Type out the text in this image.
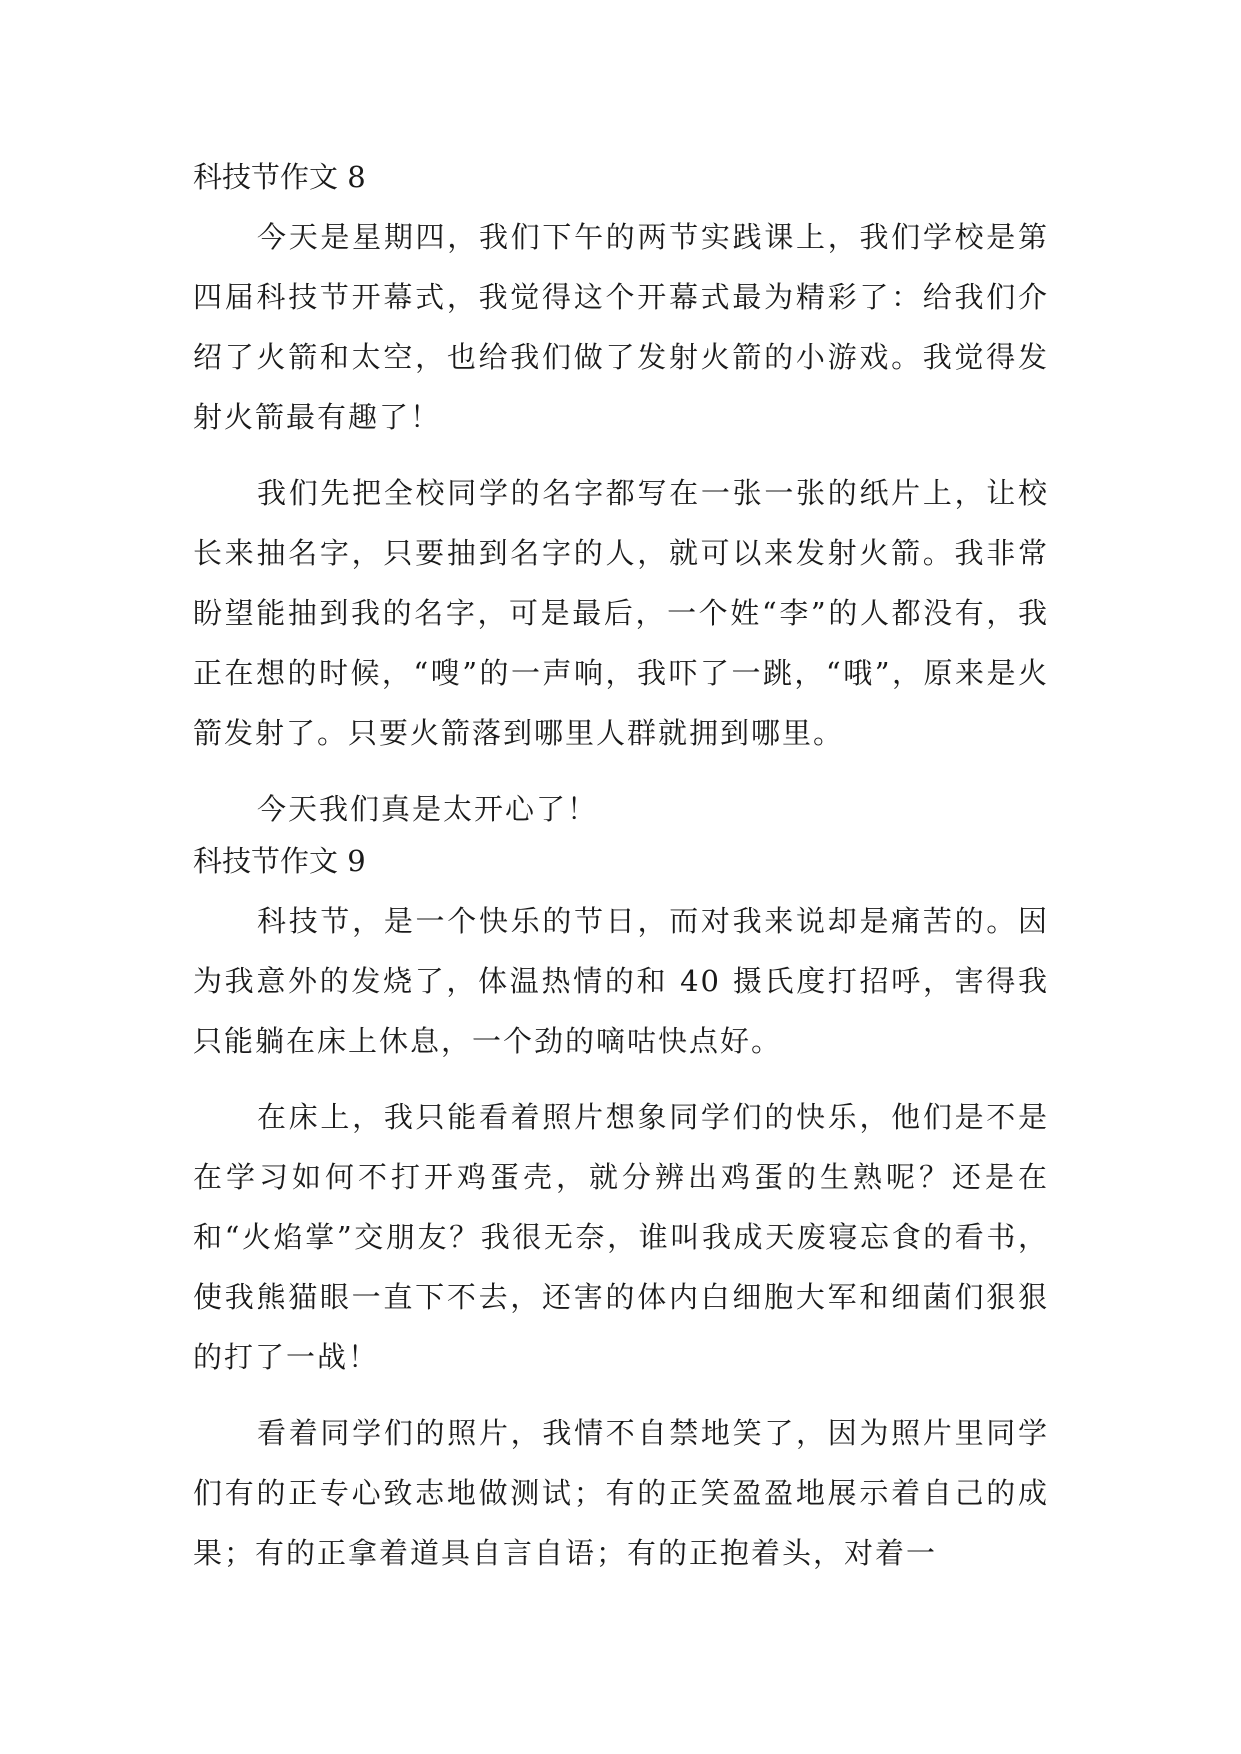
科技节作文 8

今天是星期四，我们下午的两节实践课上，我们学校是第四届科技节开幕式，我觉得这个开幕式最为精彩了：给我们介绍了火箭和太空，也给我们做了发射火箭的小游戏。我觉得发射火箭最有趣了！

我们先把全校同学的名字都写在一张一张的纸片上，让校长来抽名字，只要抽到名字的人，就可以来发射火箭。我非常盼望能抽到我的名字，可是最后，一个姓“李”的人都没有，我正在想的时候，“嗖”的一声响，我吓了一跳，“哦”，原来是火箭发射了。只要火箭落到哪里人群就拥到哪里。

今天我们真是太开心了！

科技节作文 9

科技节，是一个快乐的节日，而对我来说却是痛苦的。因为我意外的发烧了，体温热情的和 40 摄氏度打招呼，害得我只能躺在床上休息，一个劲的嘀咕快点好。

在床上，我只能看着照片想象同学们的快乐，他们是不是在学习如何不打开鸡蛋壳，就分辨出鸡蛋的生熟呢？还是在和“火焰掌”交朋友？我很无奈，谁叫我成天废寝忘食的看书，使我熊猫眼一直下不去，还害的体内白细胞大军和细菌们狠狠的打了一战！

看着同学们的照片，我情不自禁地笑了，因为照片里同学们有的正专心致志地做测试；有的正笑盈盈地展示着自己的成果；有的正拿着道具自言自语；有的正抱着头，对着一
